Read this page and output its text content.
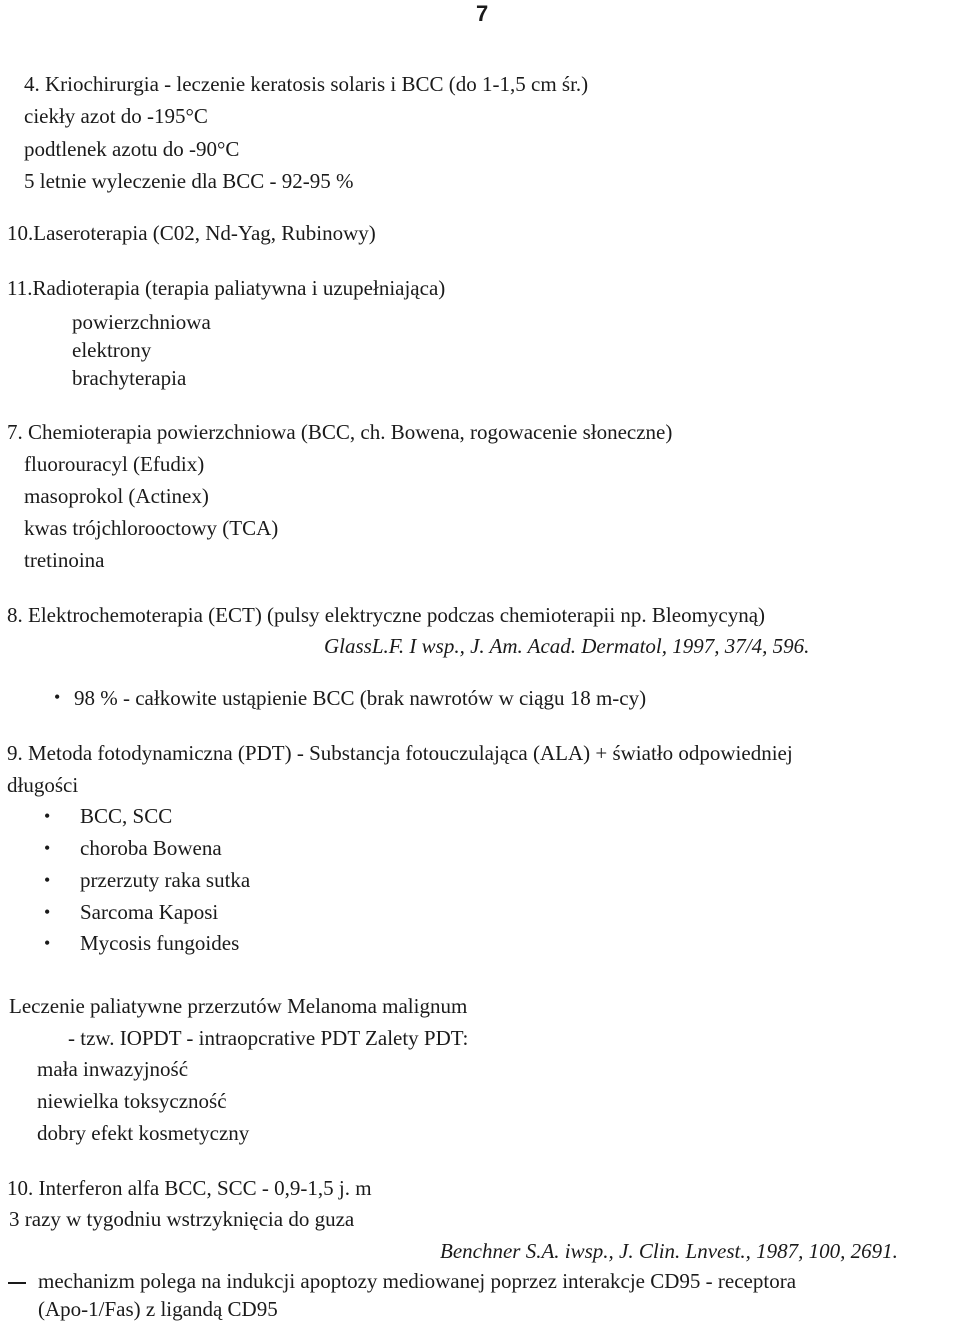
7
4. Kriochirurgia - leczenie keratosis solaris i BCC (do 1-1,5 cm śr.)
ciekły azot do -195°C
podtlenek azotu do -90°C
5 letnie wyleczenie dla BCC - 92-95 %
10.Laseroterapia (C02, Nd-Yag, Rubinowy)
11.Radioterapia (terapia paliatywna i uzupełniająca)
powierzchniowa
elektrony
brachyterapia
7. Chemioterapia powierzchniowa (BCC, ch. Bowena, rogowacenie słoneczne)
fluorouracyl (Efudix)
masoprokol (Actinex)
kwas trójchlorooctowy (TCA)
tretinoina
8. Elektrochemoterapia (ECT) (pulsy elektryczne podczas chemioterapii np. Bleomycyną)
GlassL.F. I wsp., J. Am. Acad. Dermatol, 1997, 37/4, 596.
• 98 % - całkowite ustąpienie BCC (brak nawrotów w ciągu 18 m-cy)
9. Metoda fotodynamiczna (PDT) - Substancja fotouczulająca (ALA) + światło odpowiedniej
długości
• BCC, SCC
• choroba Bowena
• przerzuty raka sutka
• Sarcoma Kaposi
• Mycosis fungoides
Leczenie paliatywne przerzutów Melanoma malignum
- tzw. IOPDT - intraopcrative PDT Zalety PDT:
mała inwazyjność
niewielka toksyczność
dobry efekt kosmetyczny
10. Interferon alfa BCC, SCC - 0,9-1,5 j. m
3 razy w tygodniu wstrzyknięcia do guza
Benchner S.A. iwsp., J. Clin. Lnvest., 1987, 100, 2691.
mechanizm polega na indukcji apoptozy mediowanej poprzez interakcje CD95 - receptora
(Apo-1/Fas) z ligandą CD95
